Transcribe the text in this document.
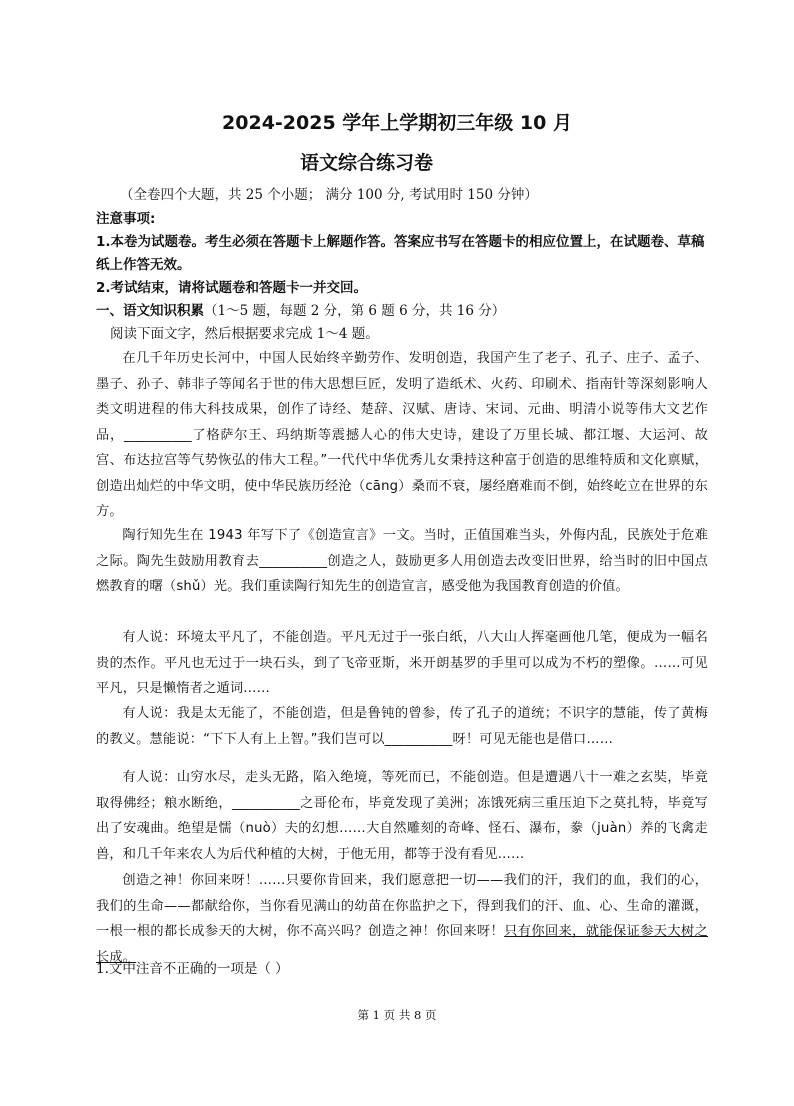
2024-2025 学年上学期初三年级 10 月
语文综合练习卷
（全卷四个大题，共 25 个小题； 满分 100 分, 考试用时 150 分钟）
注意事项:
1.本卷为试题卷。考生必须在答题卡上解题作答。答案应书写在答题卡的相应位置上，在试题卷、草稿纸上作答无效。
2.考试结束，请将试题卷和答题卡一并交回。
一、语文知识积累（1～5 题，每题 2 分，第 6 题 6 分，共 16 分）
阅读下面文字，然后根据要求完成 1～4 题。
在几千年历史长河中，中国人民始终辛勤劳作、发明创造，我国产生了老子、孔子、庄子、孟子、墨子、孙子、韩非子等闻名于世的伟大思想巨匠，发明了造纸术、火药、印刷术、指南针等深刻影响人类文明进程的伟大科技成果，创作了诗经、楚辞、汉赋、唐诗、宋词、元曲、明清小说等伟大文艺作品，__________了格萨尔王、玛纳斯等震撼人心的伟大史诗，建设了万里长城、都江堰、大运河、故宫、布达拉宫等气势恢弘的伟大工程。”一代代中华优秀儿女秉持这种富于创造的思维特质和文化禀赋，创造出灿烂的中华文明，使中华民族历经沧（cāng）桑而不衰，屡经磨难而不倒，始终屹立在世界的东方。
陶行知先生在 1943 年写下了《创造宣言》一文。当时，正值国难当头，外侮内乱，民族处于危难之际。陶先生鼓励用教育去__________创造之人，鼓励更多人用创造去改变旧世界，给当时的旧中国点燃教育的曙（shǔ）光。我们重读陶行知先生的创造宣言，感受他为我国教育创造的价值。
有人说：环境太平凡了，不能创造。平凡无过于一张白纸，八大山人挥毫画他几笔，便成为一幅名贵的杰作。平凡也无过于一块石头，到了飞帝亚斯，米开朗基罗的手里可以成为不朽的塑像。……可见平凡，只是懒惰者之遁词……
有人说：我是太无能了，不能创造，但是鲁钝的曾参，传了孔子的道统；不识字的慧能，传了黄梅的教义。慧能说：“下下人有上上智。”我们岂可以__________呀！可见无能也是借口……
有人说：山穷水尽，走头无路，陷入绝境，等死而已，不能创造。但是遭遇八十一难之玄奘，毕竟取得佛经；粮水断绝，__________之哥伦布，毕竟发现了美洲；冻饿死病三重压迫下之莫扎特，毕竟写出了安魂曲。绝望是懦（nuò）夫的幻想……大自然雕刻的奇峰、怪石、瀑布，豢（juàn）养的飞禽走兽，和几千年来农人为后代种植的大树，于他无用，都等于没有看见……
创造之神！你回来呀！……只要你肯回来，我们愿意把一切——我们的汗，我们的血，我们的心，我们的生命——都献给你，当你看见满山的幼苗在你监护之下，得到我们的汗、血、心、生命的灌溉，一根一根的都长成参天的大树，你不高兴吗？创造之神！你回来呀！只有你回来，就能保证参天大树之长成。
1.文中注音不正确的一项是（ ）
第 1 页 共 8 页
